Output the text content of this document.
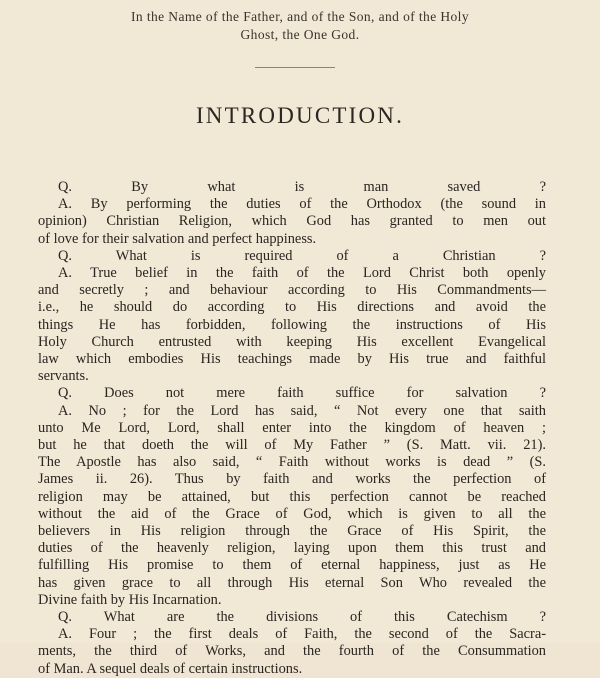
In the Name of the Father, and of the Son, and of the Holy
Ghost, the One God.
INTRODUCTION.
Q. By what is man saved ?
A. By performing the duties of the Orthodox (the sound in
opinion) Christian Religion, which God has granted to men out
of love for their salvation and perfect happiness.
Q. What is required of a Christian ?
A. True belief in the faith of the Lord Christ both openly
and secretly ; and behaviour according to His Commandments—
i.e., he should do according to His directions and avoid the
things He has forbidden, following the instructions of His
Holy Church entrusted with keeping His excellent Evangelical
law which embodies His teachings made by His true and faithful
servants.
Q. Does not mere faith suffice for salvation ?
A. No ; for the Lord has said, “ Not every one that saith
unto Me Lord, Lord, shall enter into the kingdom of heaven ;
but he that doeth the will of My Father ” (S. Matt. vii. 21).
The Apostle has also said, “ Faith without works is dead ” (S.
James ii. 26). Thus by faith and works the perfection of
religion may be attained, but this perfection cannot be reached
without the aid of the Grace of God, which is given to all the
believers in His religion through the Grace of His Spirit, the
duties of the heavenly religion, laying upon them this trust and
fulfilling His promise to them of eternal happiness, just as He
has given grace to all through His eternal Son Who revealed the
Divine faith by His Incarnation.
Q. What are the divisions of this Catechism ?
A. Four ; the first deals of Faith, the second of the Sacra-
ments, the third of Works, and the fourth of the Consummation
of Man. A sequel deals of certain instructions.
